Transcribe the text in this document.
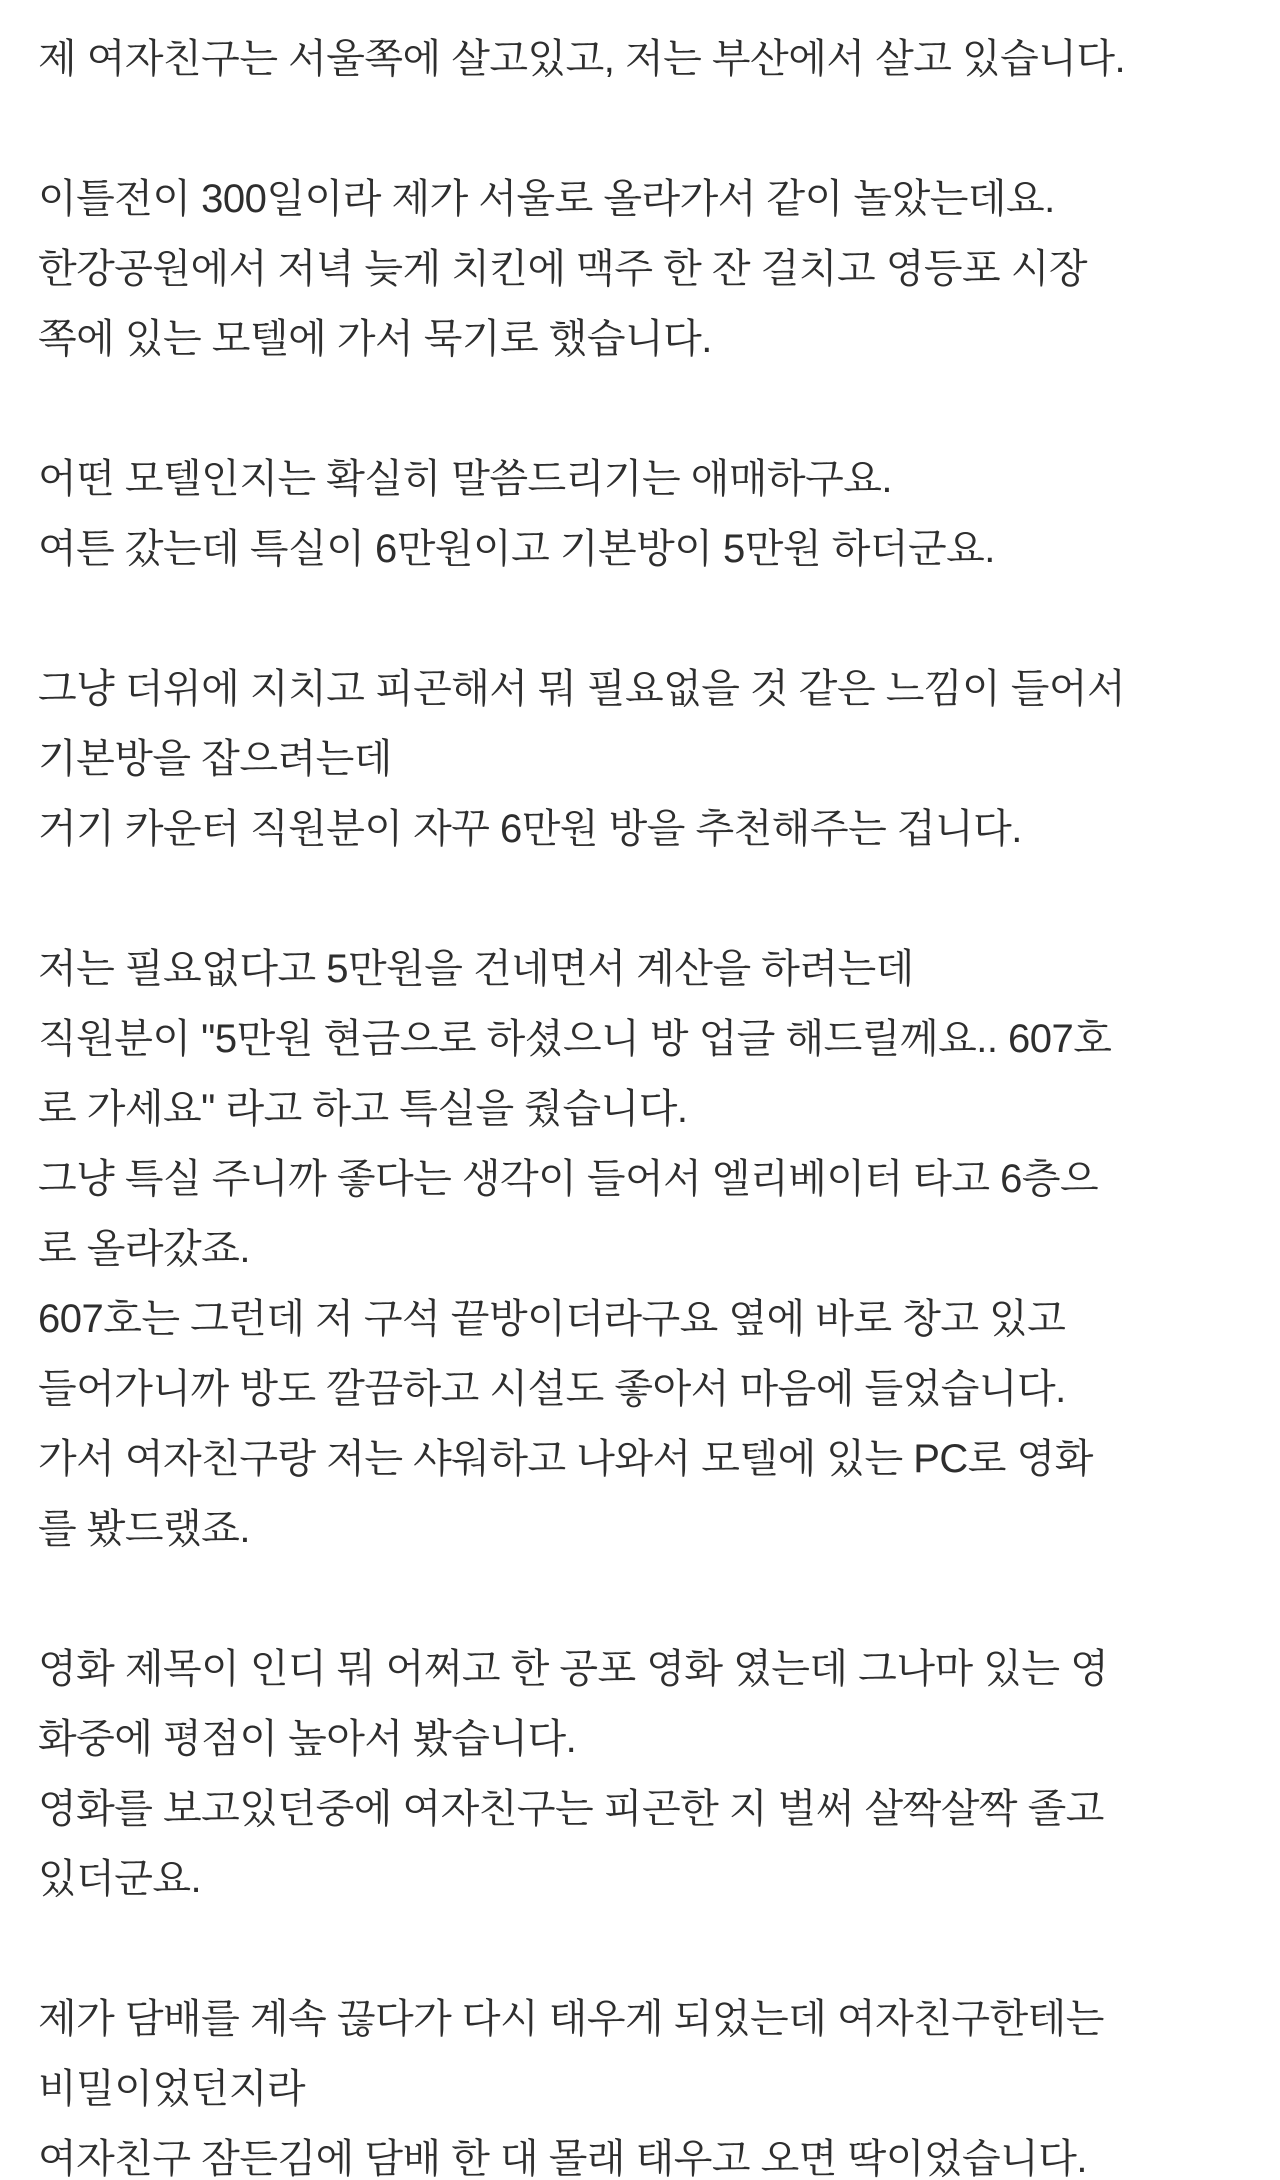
제 여자친구는 서울쪽에 살고있고, 저는 부산에서 살고 있습니다.

이틀전이 300일이라 제가 서울로 올라가서 같이 놀았는데요.
한강공원에서 저녁 늦게 치킨에 맥주 한 잔 걸치고 영등포 시장
쪽에 있는 모텔에 가서 묵기로 했습니다.

어떤 모텔인지는 확실히 말씀드리기는 애매하구요.
여튼 갔는데 특실이 6만원이고 기본방이 5만원 하더군요.

그냥 더위에 지치고 피곤해서 뭐 필요없을 것 같은 느낌이 들어서
기본방을 잡으려는데
거기 카운터 직원분이 자꾸 6만원 방을 추천해주는 겁니다.

저는 필요없다고 5만원을 건네면서 계산을 하려는데
직원분이 "5만원 현금으로 하셨으니 방 업글 해드릴께요.. 607호
로 가세요" 라고 하고 특실을 줬습니다.
그냥 특실 주니까 좋다는 생각이 들어서 엘리베이터 타고 6층으
로 올라갔죠.
607호는 그런데 저 구석 끝방이더라구요 옆에 바로 창고 있고
들어가니까 방도 깔끔하고 시설도 좋아서 마음에 들었습니다.
가서 여자친구랑 저는 샤워하고 나와서 모텔에 있는 PC로 영화
를 봤드랬죠.

영화 제목이 인디 뭐 어쩌고 한 공포 영화 였는데 그나마 있는 영
화중에 평점이 높아서 봤습니다.
영화를 보고있던중에 여자친구는 피곤한 지 벌써 살짝살짝 졸고
있더군요.

제가 담배를 계속 끊다가 다시 태우게 되었는데 여자친구한테는
비밀이었던지라
여자친구 잠든김에 담배 한 대 몰래 태우고 오면 딱이었습니다.
